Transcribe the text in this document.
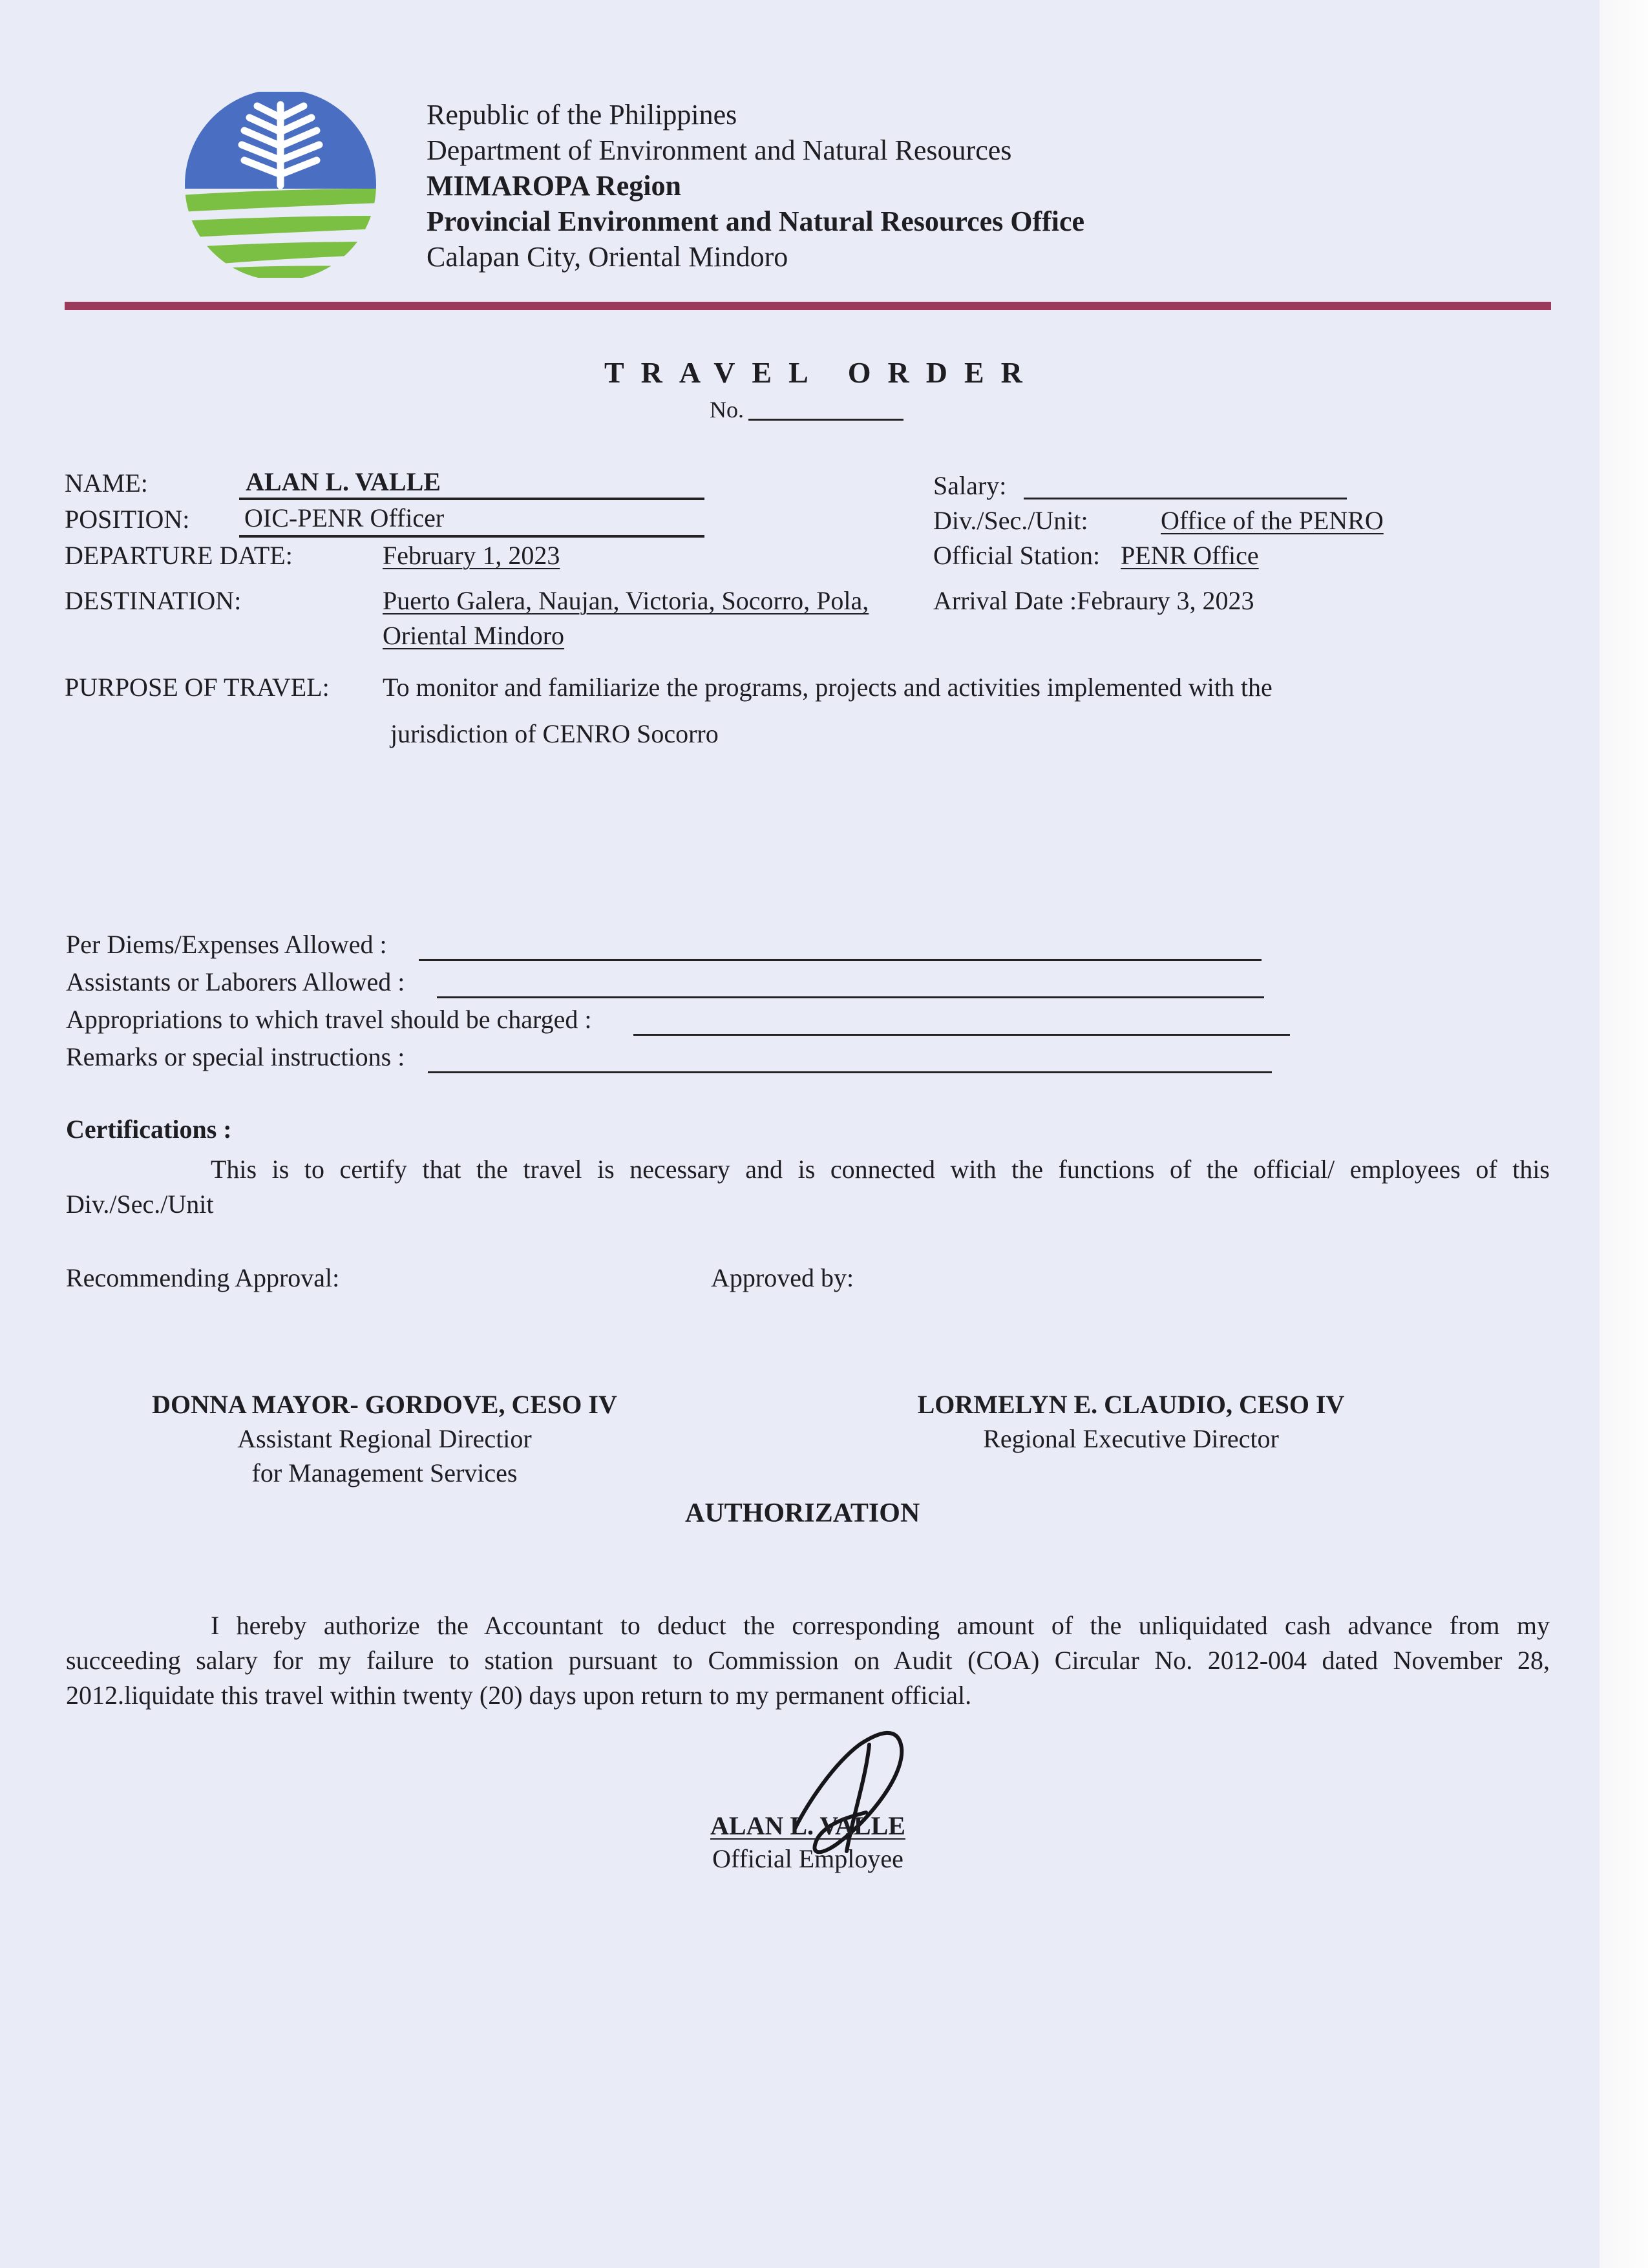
Republic of the Philippines
Department of Environment and Natural Resources
MIMAROPA Region
Provincial Environment and Natural Resources Office
Calapan City, Oriental Mindoro
TRAVEL ORDER
No.
NAME:	ALAN L. VALLE
POSITION: OIC-PENR Officer
DEPARTURE DATE:	February 1, 2023
DESTINATION:	Puerto Galera, Naujan, Victoria, Socorro, Pola,
Oriental Mindoro
PURPOSE OF TRAVEL: To monitor and familiarize the programs, projects and activities implemented with the
jurisdiction of CENRO Socorro
Salary:
Div./Sec./Unit:	Office of the PENRO
Official Station: PENR Office
Arrival Date :Febraury 3, 2023
Per Diems/Expenses Allowed :
Assistants or Laborers Allowed :
Appropriations to which travel should be charged :
Remarks or special instructions :
Certifications :
This is to certify that the travel is necessary and is connected with the functions of the official/ employees of this
Div./Sec./Unit
Recommending Approval:	Approved by:
DONNA MAYOR- GORDOVE, CESO IV
Assistant Regional Directior
for Management Services
LORMELYN E. CLAUDIO, CESO IV
Regional Executive Director
AUTHORIZATION
I hereby authorize the Accountant to deduct the corresponding amount of the unliquidated cash advance from my
succeeding salary for my failure to station pursuant to Commission on Audit (COA) Circular No. 2012-004 dated November 28,
2012.liquidate this travel within twenty (20) days upon return to my permanent official.
ALAN L. VALLE
Official Employee
